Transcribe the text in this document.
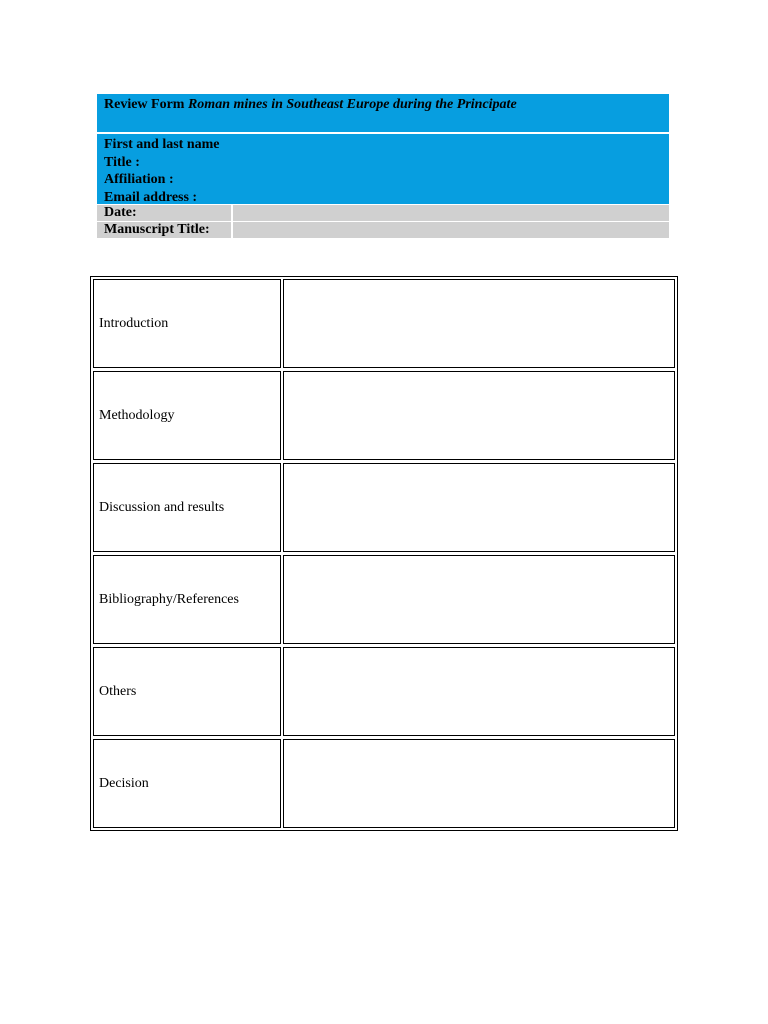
Review Form Roman mines in Southeast Europe during the Principate
First and last name
Title :
Affiliation :
Email address :
Date:
Manuscript Title:
Introduction
Methodology
Discussion and results
Bibliography/References
Others
Decision
